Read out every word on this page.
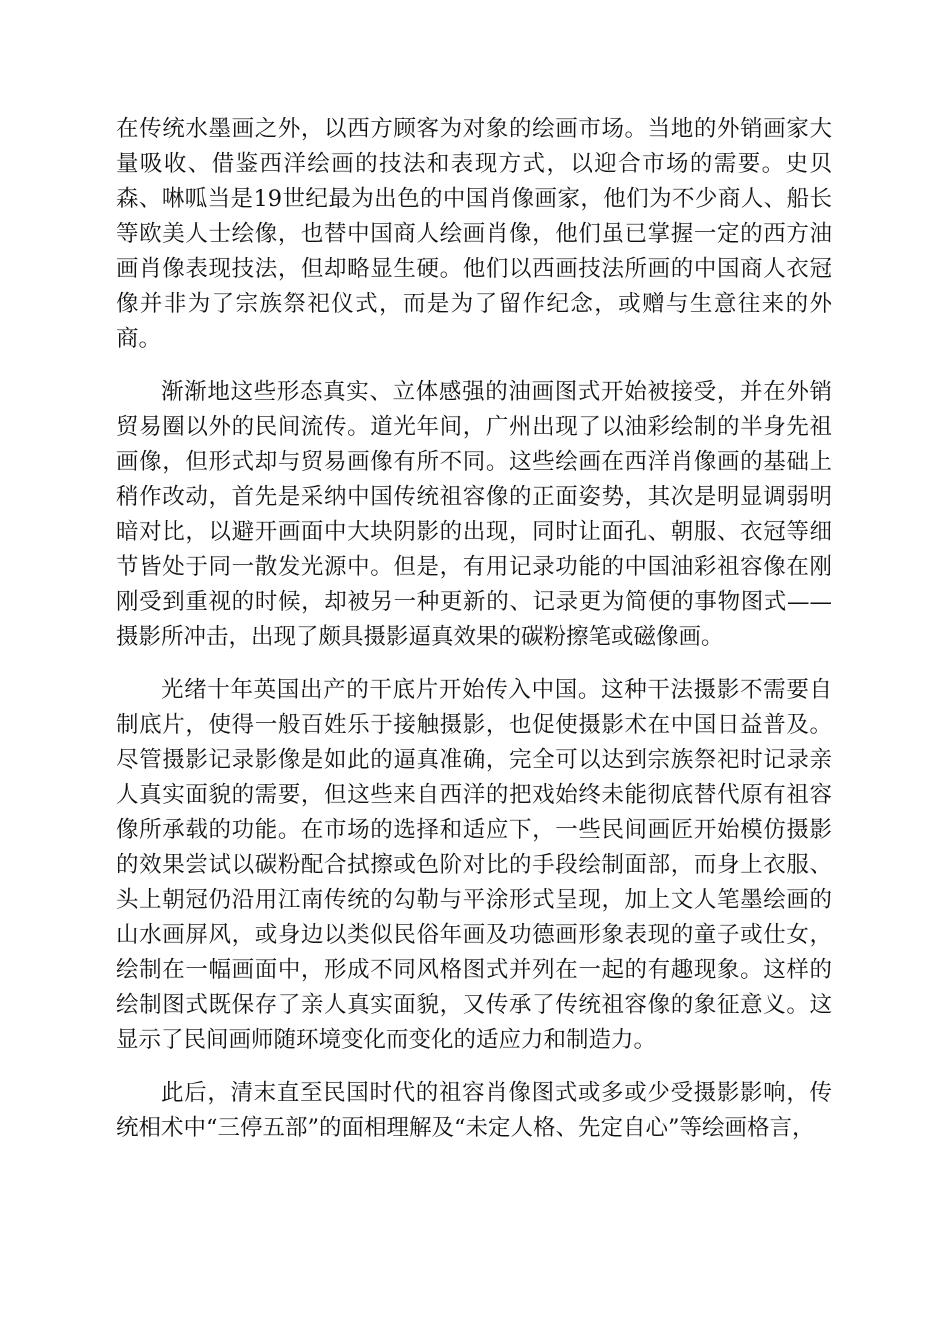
在传统水墨画之外，以西方顾客为对象的绘画市场。当地的外销画家大量吸收、借鉴西洋绘画的技法和表现方式，以迎合市场的需要。史贝森、啉呱当是19世纪最为出色的中国肖像画家，他们为不少商人、船长等欧美人士绘像，也替中国商人绘画肖像，他们虽已掌握一定的西方油画肖像表现技法，但却略显生硬。他们以西画技法所画的中国商人衣冠像并非为了宗族祭祀仪式，而是为了留作纪念，或赠与生意往来的外商。

渐渐地这些形态真实、立体感强的油画图式开始被接受，并在外销贸易圈以外的民间流传。道光年间，广州出现了以油彩绘制的半身先祖画像，但形式却与贸易画像有所不同。这些绘画在西洋肖像画的基础上稍作改动，首先是采纳中国传统祖容像的正面姿势，其次是明显调弱明暗对比，以避开画面中大块阴影的出现，同时让面孔、朝服、衣冠等细节皆处于同一散发光源中。但是，有用记录功能的中国油彩祖容像在刚刚受到重视的时候，却被另一种更新的、记录更为简便的事物图式——摄影所冲击，出现了颇具摄影逼真效果的碳粉擦笔或磁像画。

光绪十年英国出产的干底片开始传入中国。这种干法摄影不需要自制底片，使得一般百姓乐于接触摄影，也促使摄影术在中国日益普及。尽管摄影记录影像是如此的逼真准确，完全可以达到宗族祭祀时记录亲人真实面貌的需要，但这些来自西洋的把戏始终未能彻底替代原有祖容像所承载的功能。在市场的选择和适应下，一些民间画匠开始模仿摄影的效果尝试以碳粉配合拭擦或色阶对比的手段绘制面部，而身上衣服、头上朝冠仍沿用江南传统的勾勒与平涂形式呈现，加上文人笔墨绘画的山水画屏风，或身边以类似民俗年画及功德画形象表现的童子或仕女，绘制在一幅画面中，形成不同风格图式并列在一起的有趣现象。这样的绘制图式既保存了亲人真实面貌，又传承了传统祖容像的象征意义。这显示了民间画师随环境变化而变化的适应力和制造力。

此后，清末直至民国时代的祖容肖像图式或多或少受摄影影响，传统相术中“三停五部”的面相理解及“未定人格、先定自心”等绘画格言，
